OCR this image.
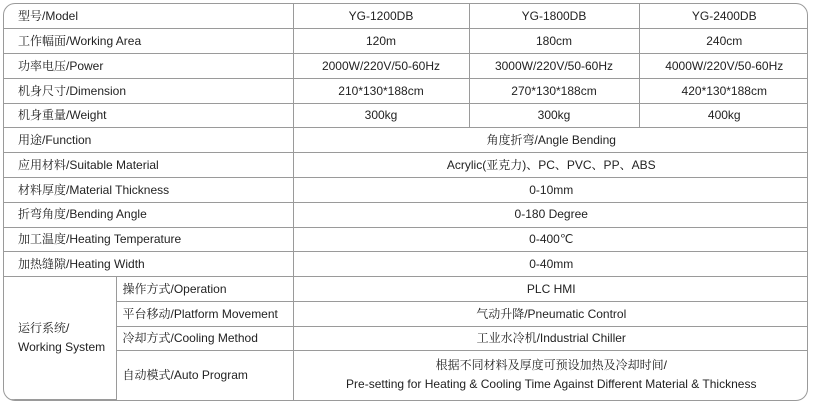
型号/Model		YG-1200DB	YG-1800DB	YG-2400DB
工作幅面/Working Area		120m	180cm	240cm
功率电压/Power		2000W/220V/50-60Hz	3000W/220V/50-60Hz	4000W/220V/50-60Hz
机身尺寸/Dimension		210*130*188cm	270*130*188cm	420*130*188cm
机身重量/Weight		300kg	300kg	400kg
用途/Function		角度折弯/Angle Bending		
应用材料/Suitable Material		Acrylic(亚克力)、PC、PVC、PP、ABS		
材料厚度/Material Thickness		0-10mm		
折弯角度/Bending Angle		0-180 Degree		
加工温度/Heating Temperature		0-400℃		
加热缝隙/Heating Width		0-40mm		
运行系统/
Working System	操作方式/Operation	PLC HMI		
	平台移动/Platform Movement	气动升降/Pneumatic Control		
	冷却方式/Cooling Method	工业水冷机/Industrial Chiller		
	自动模式/Auto Program	根据不同材料及厚度可预设加热及冷却时间/
Pre-setting for Heating & Cooling Time Against Different Material & Thickness		
